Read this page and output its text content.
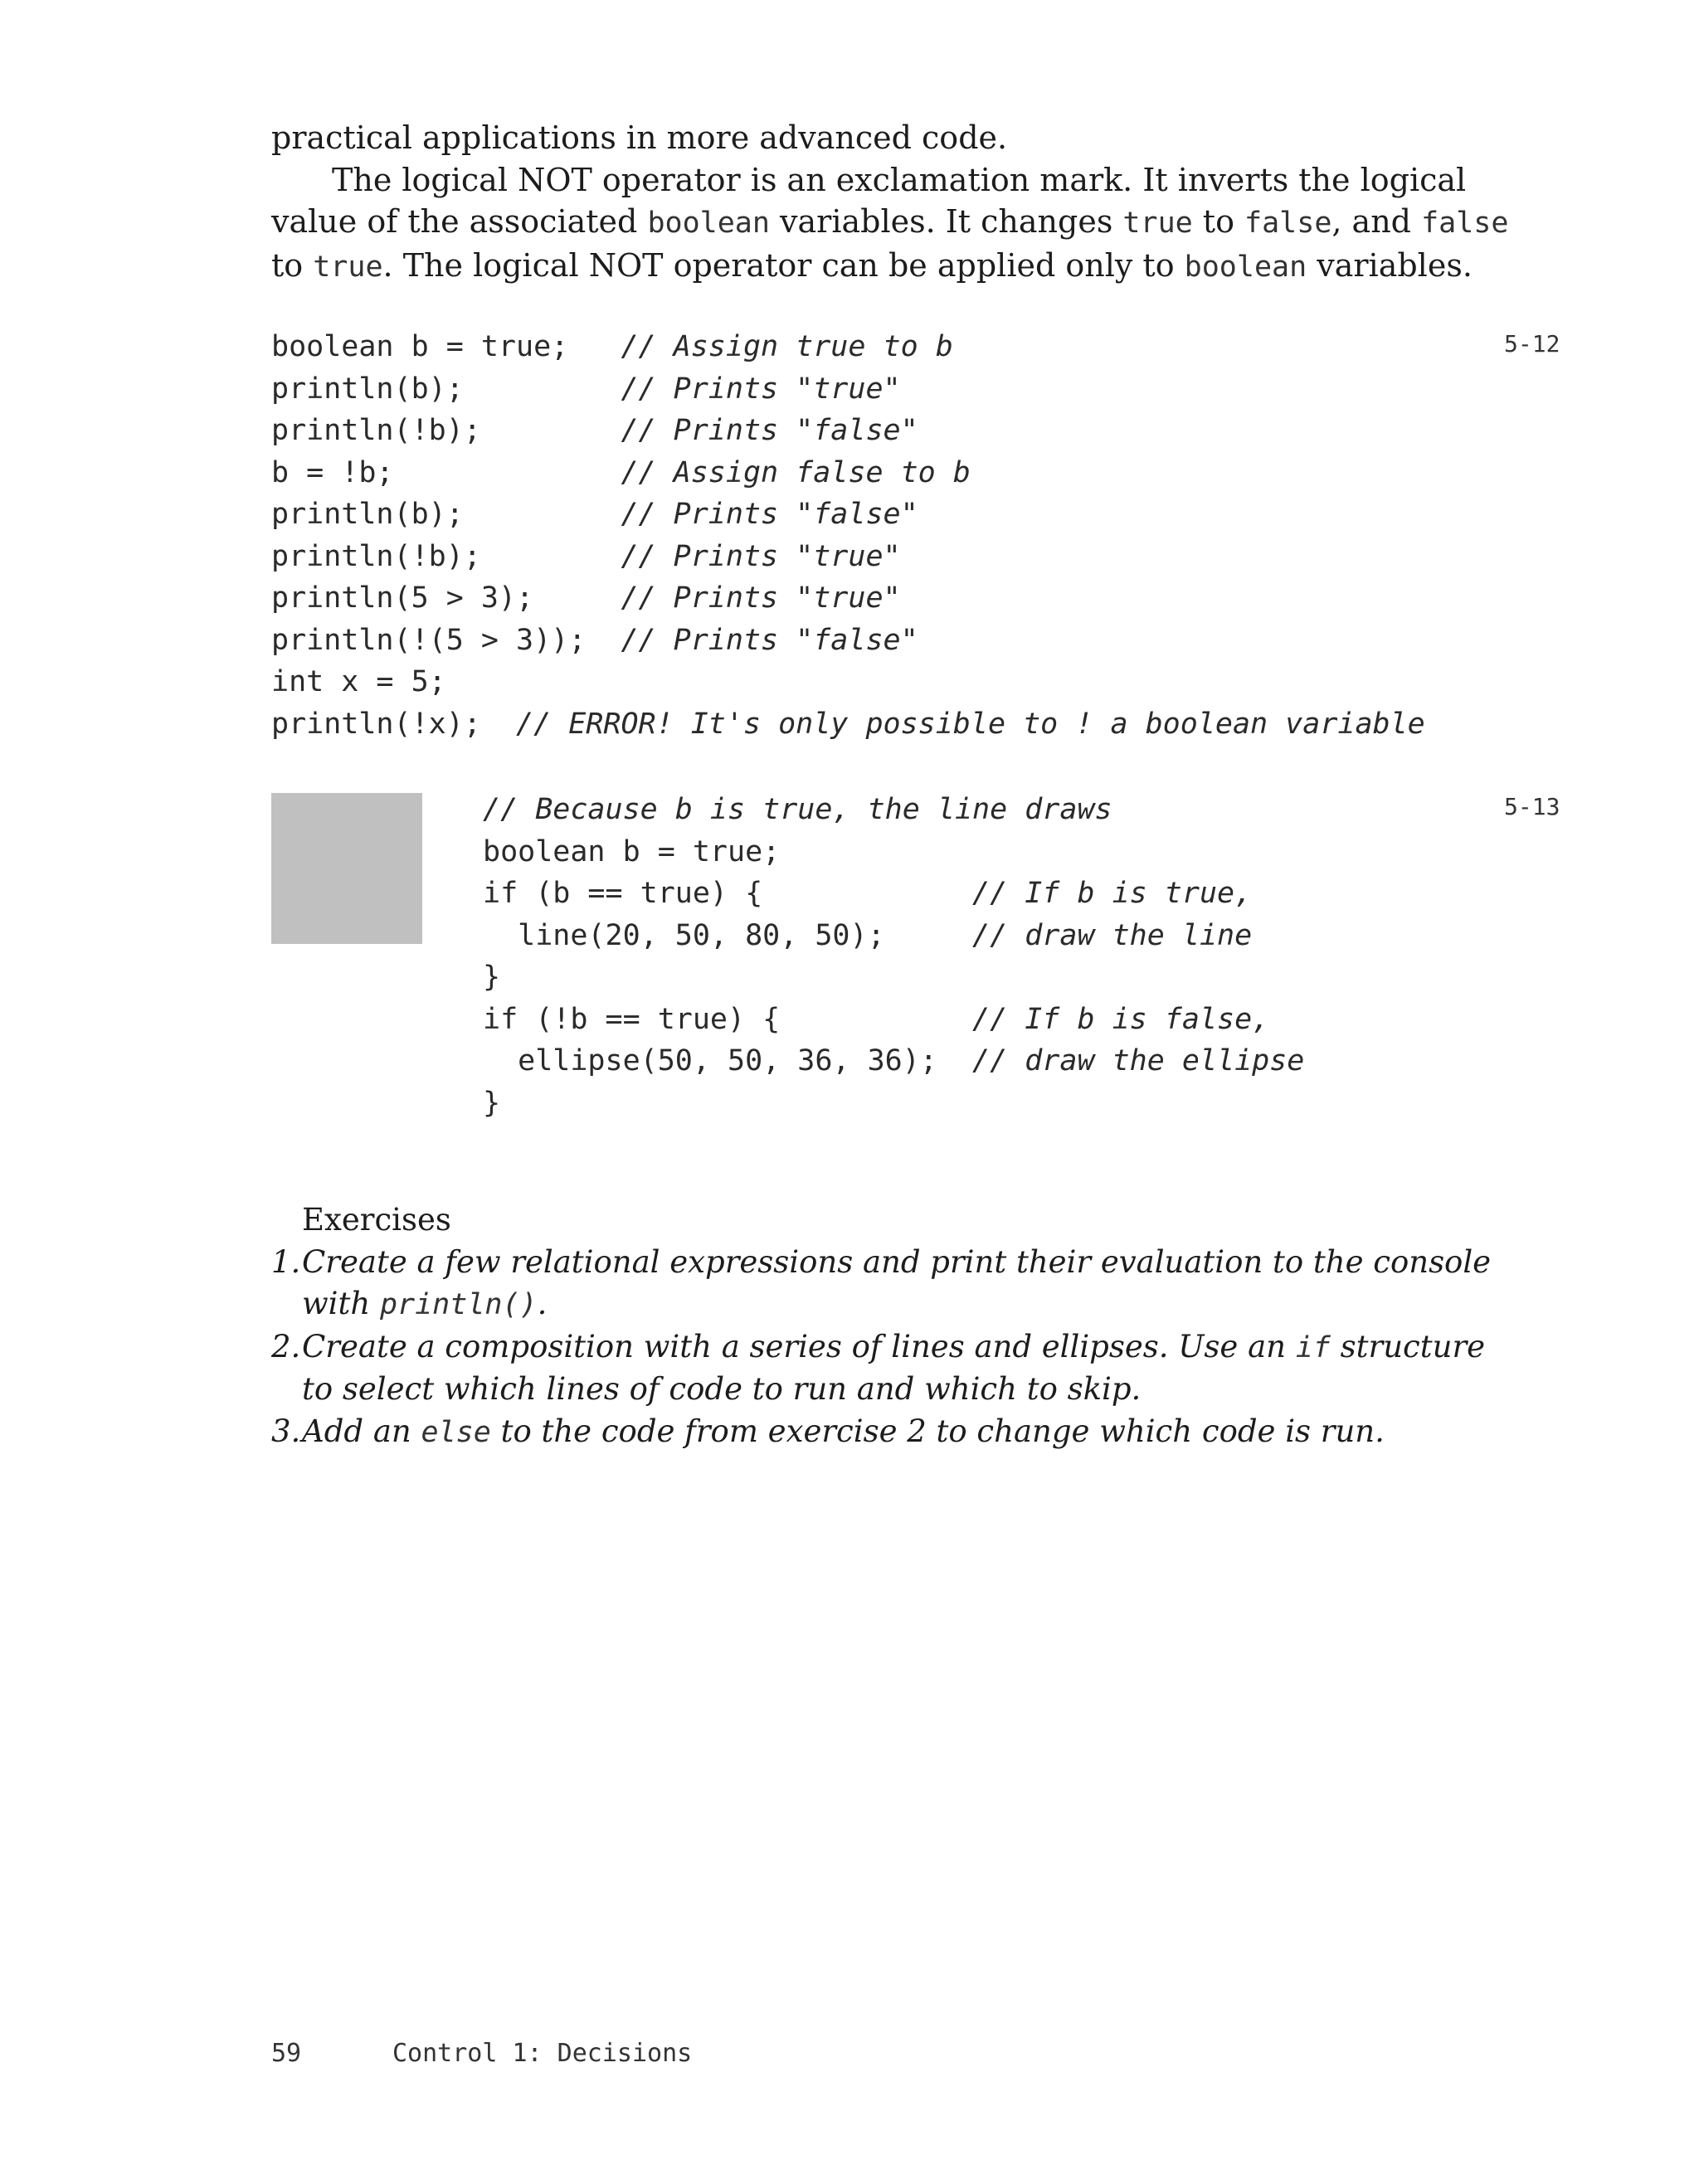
practical applications in more advanced code.

The logical NOT operator is an exclamation mark. It inverts the logical value of the associated boolean variables. It changes true to false, and false to true. The logical NOT operator can be applied only to boolean variables.

5-12
boolean b = true;   // Assign true to b
println(b);         // Prints "true"
println(!b);        // Prints "false"
b = !b;             // Assign false to b
println(b);         // Prints "false"
println(!b);        // Prints "true"
println(5 > 3);     // Prints "true"
println(!(5 > 3));  // Prints "false"
int x = 5;
println(!x);  // ERROR! It's only possible to ! a boolean variable
5-13
// Because b is true, the line draws
boolean b = true;
if (b == true) {            // If b is true,
line(20, 50, 80, 50);     // draw the line
}
if (!b == true) {           // If b is false,
ellipse(50, 50, 36, 36);  // draw the ellipse
}

Exercises

1. Create a few relational expressions and print their evaluation to the console with println().
2. Create a composition with a series of lines and ellipses. Use an if structure to select which lines of code to run and which to skip.
3. Add an else to the code from exercise 2 to change which code is run.
59	Control 1: Decisions
